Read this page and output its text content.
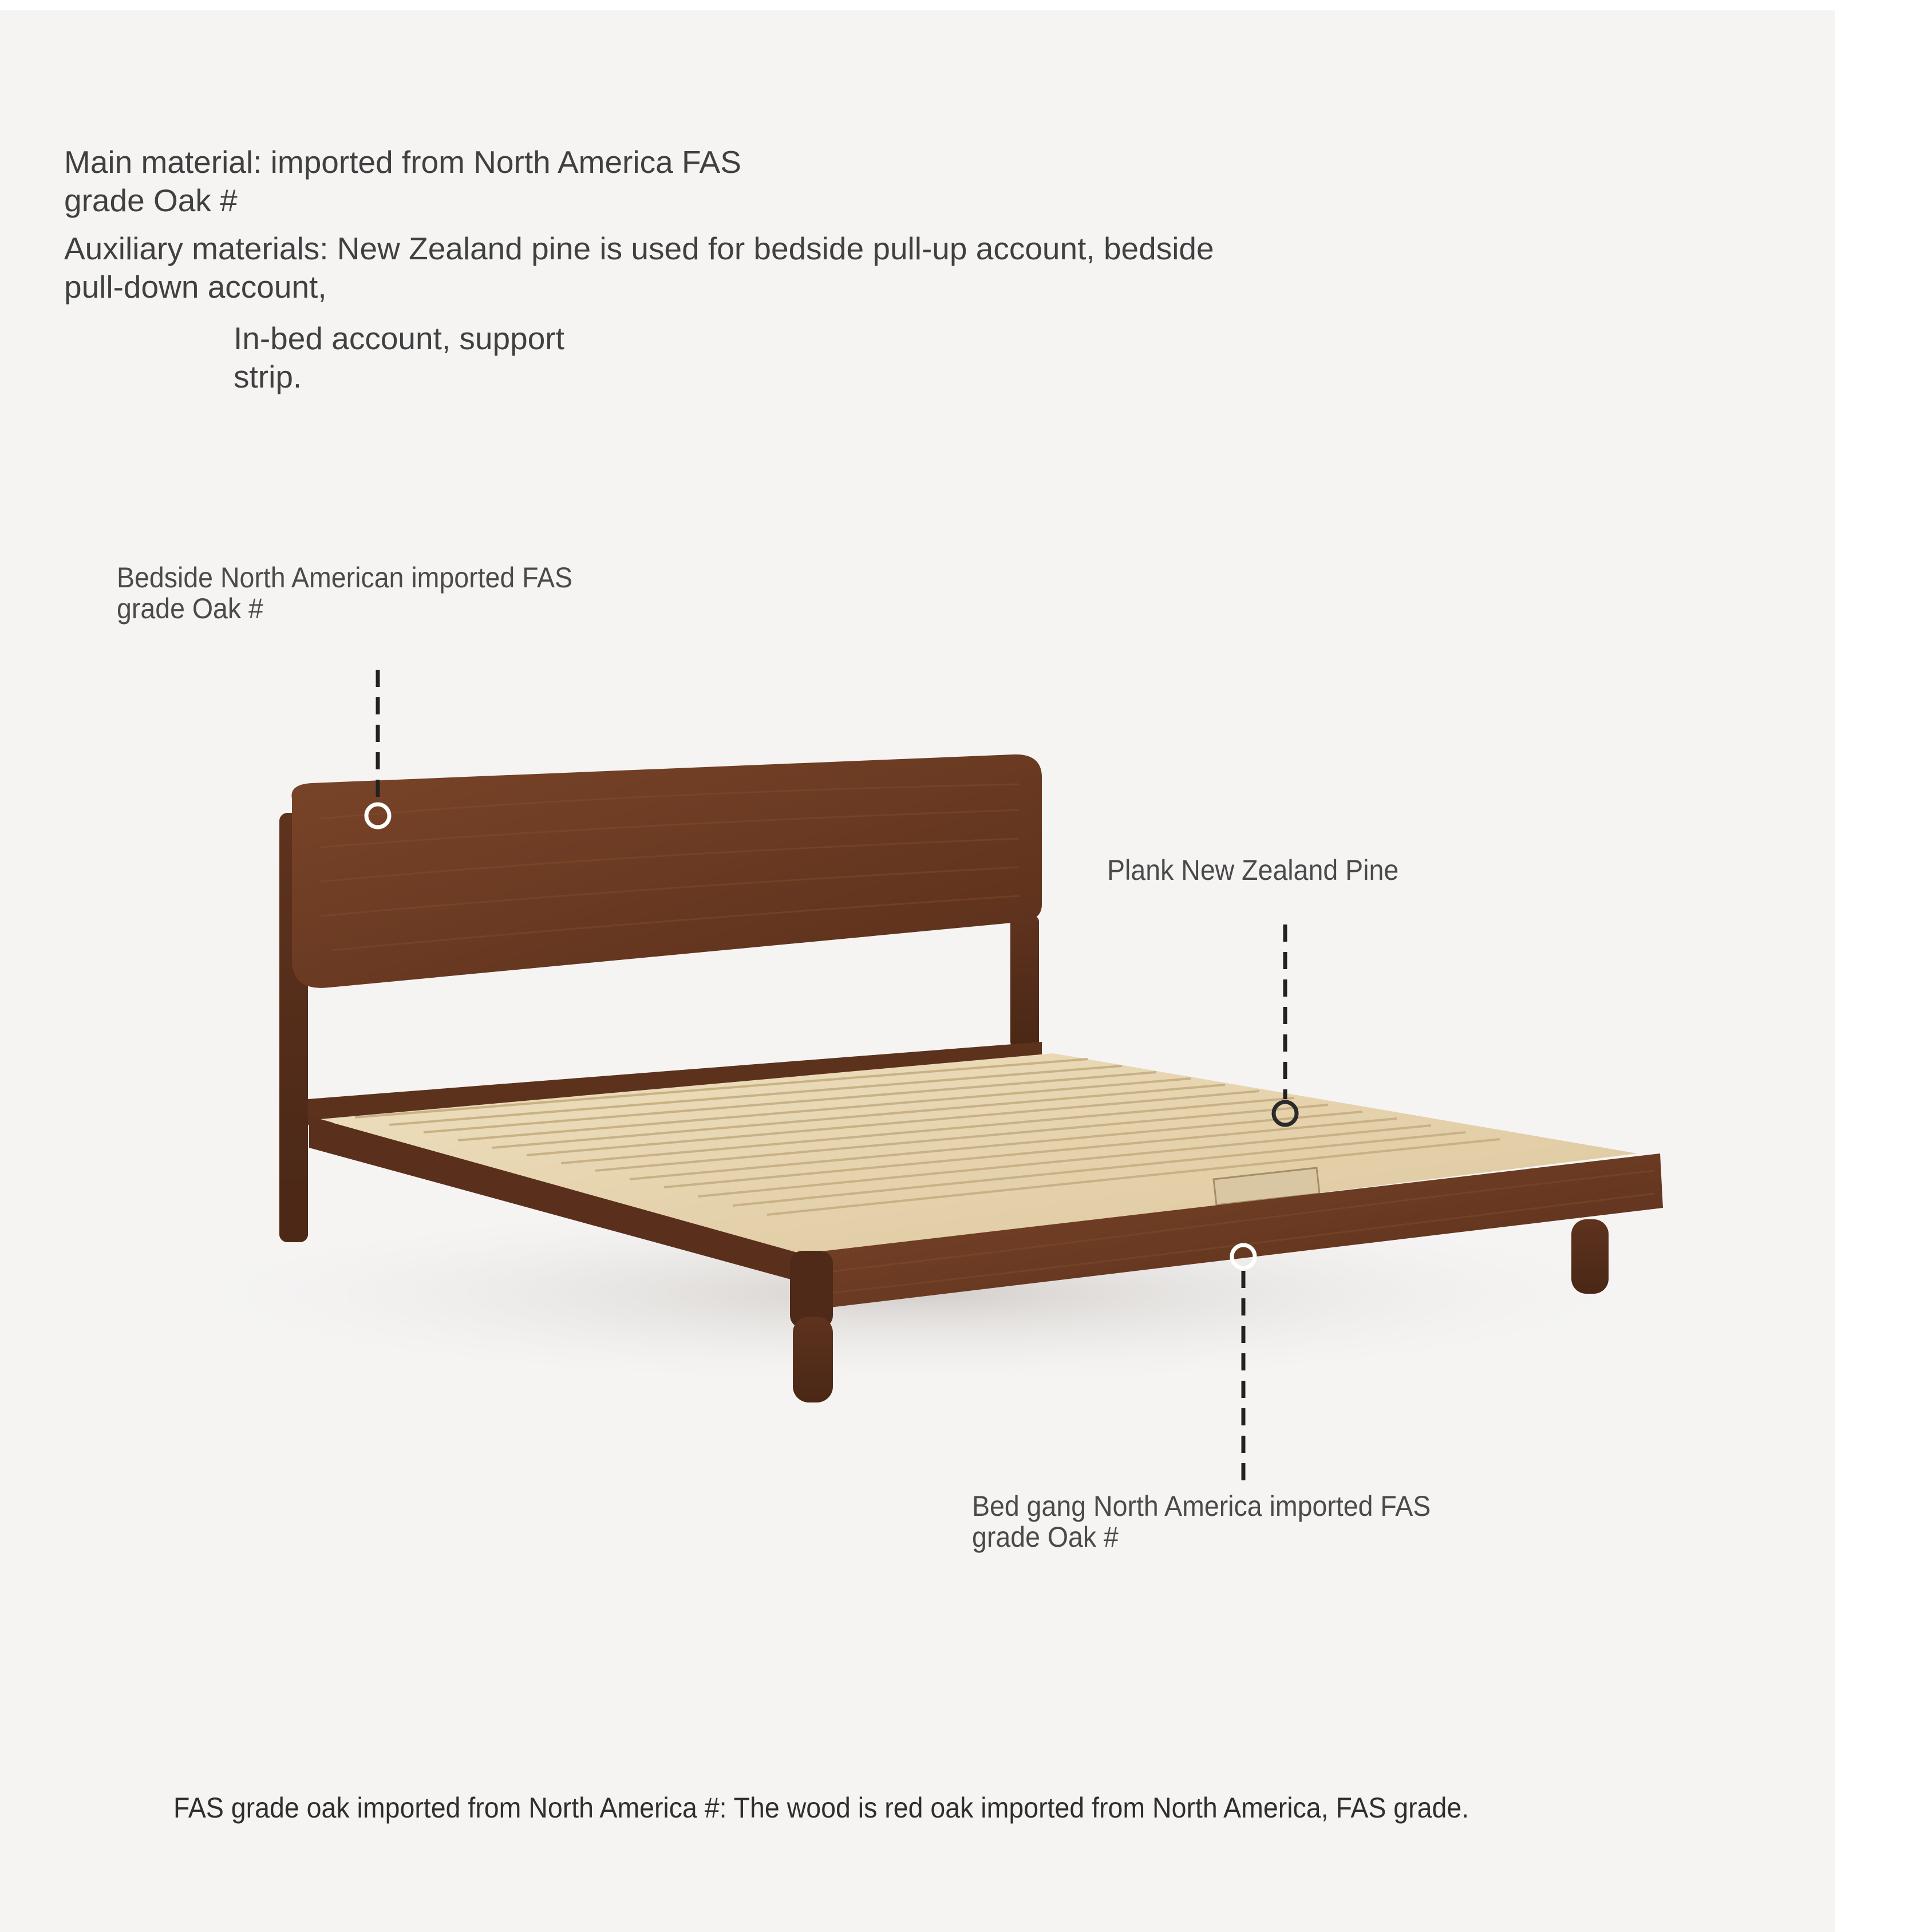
Main material: imported from North America FAS
grade Oak #
Auxiliary materials: New Zealand pine is used for bedside pull-up account, bedside
pull-down account,
In-bed account, support
strip.
Bedside North American imported FAS
grade Oak #
Plank New Zealand Pine
Bed gang North America imported FAS
grade Oak #
FAS grade oak imported from North America #: The wood is red oak imported from North America, FAS grade.
